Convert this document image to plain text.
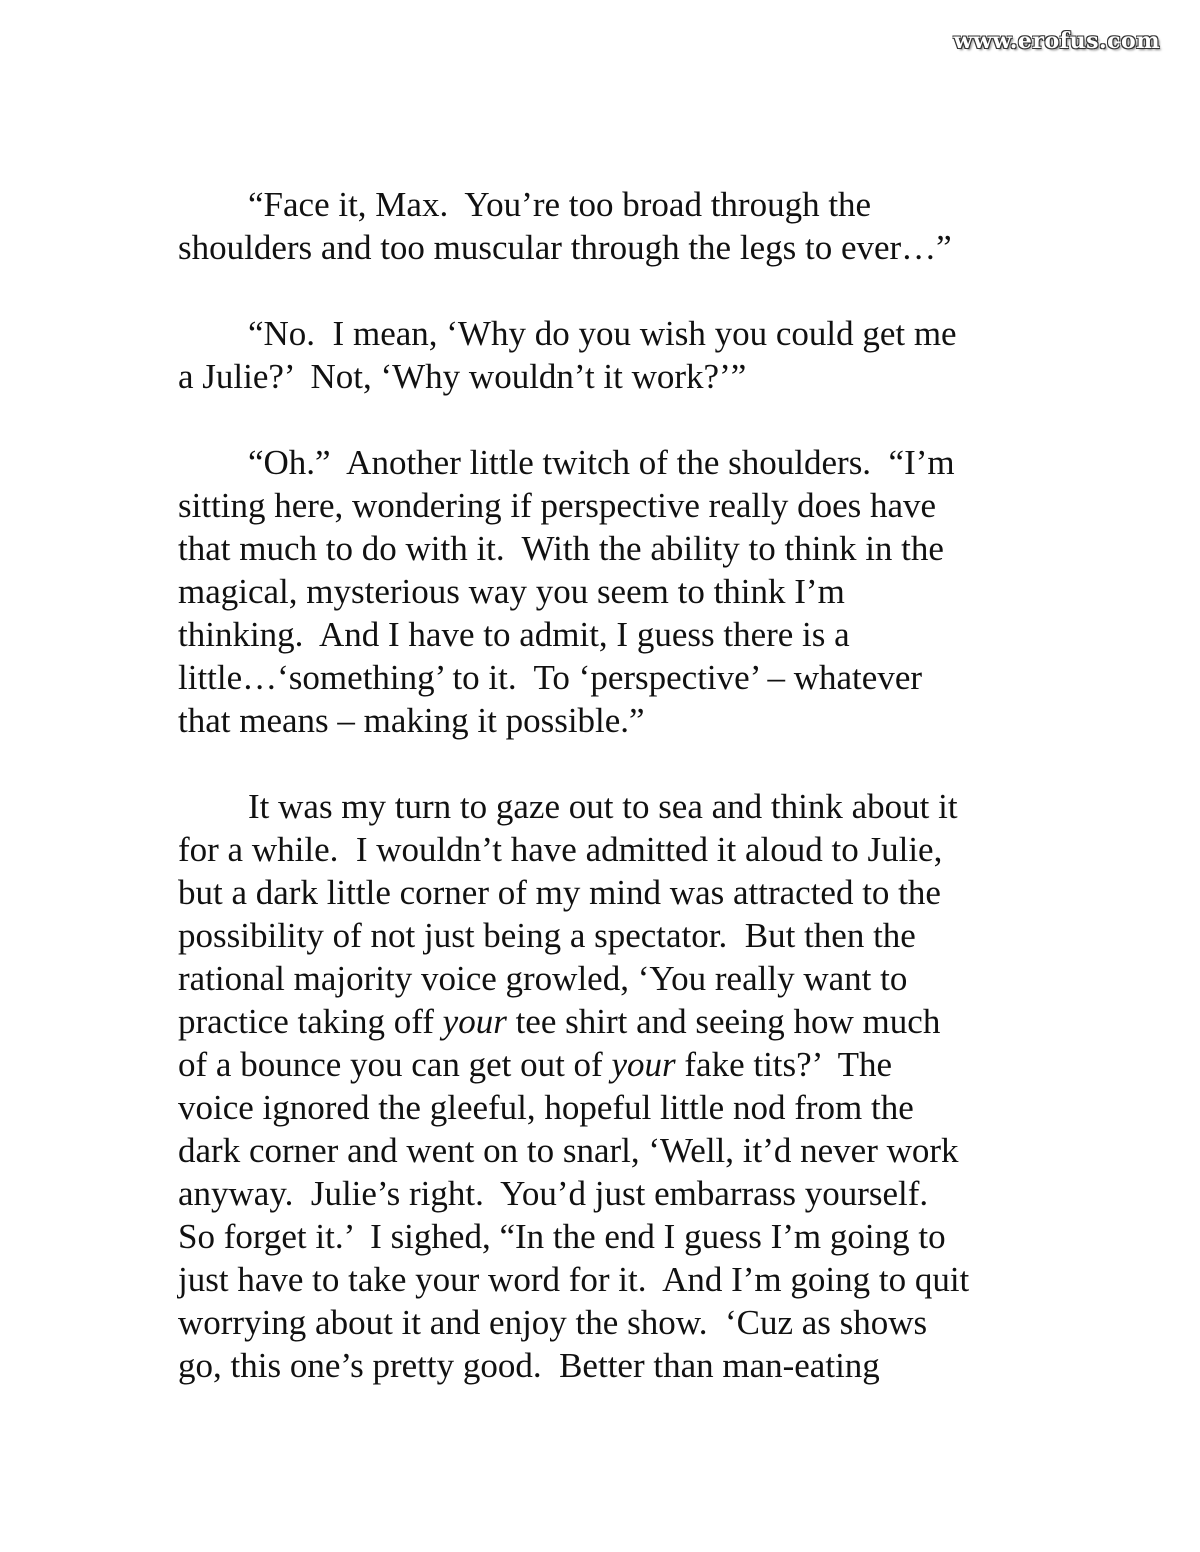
www.erofus.com

“Face it, Max.  You’re too broad through the
shoulders and too muscular through the legs to ever…”

“No.  I mean, ‘Why do you wish you could get me
a Julie?’  Not, ‘Why wouldn’t it work?’”

“Oh.”  Another little twitch of the shoulders.  “I’m
sitting here, wondering if perspective really does have
that much to do with it.  With the ability to think in the
magical, mysterious way you seem to think I’m
thinking.  And I have to admit, I guess there is a
little…‘something’ to it.  To ‘perspective’ – whatever
that means – making it possible.”

It was my turn to gaze out to sea and think about it
for a while.  I wouldn’t have admitted it aloud to Julie,
but a dark little corner of my mind was attracted to the
possibility of not just being a spectator.  But then the
rational majority voice growled, ‘You really want to
practice taking off your tee shirt and seeing how much
of a bounce you can get out of your fake tits?’  The
voice ignored the gleeful, hopeful little nod from the
dark corner and went on to snarl, ‘Well, it’d never work
anyway.  Julie’s right.  You’d just embarrass yourself.
So forget it.’  I sighed, “In the end I guess I’m going to
just have to take your word for it.  And I’m going to quit
worrying about it and enjoy the show.  ‘Cuz as shows
go, this one’s pretty good.  Better than man-eating
